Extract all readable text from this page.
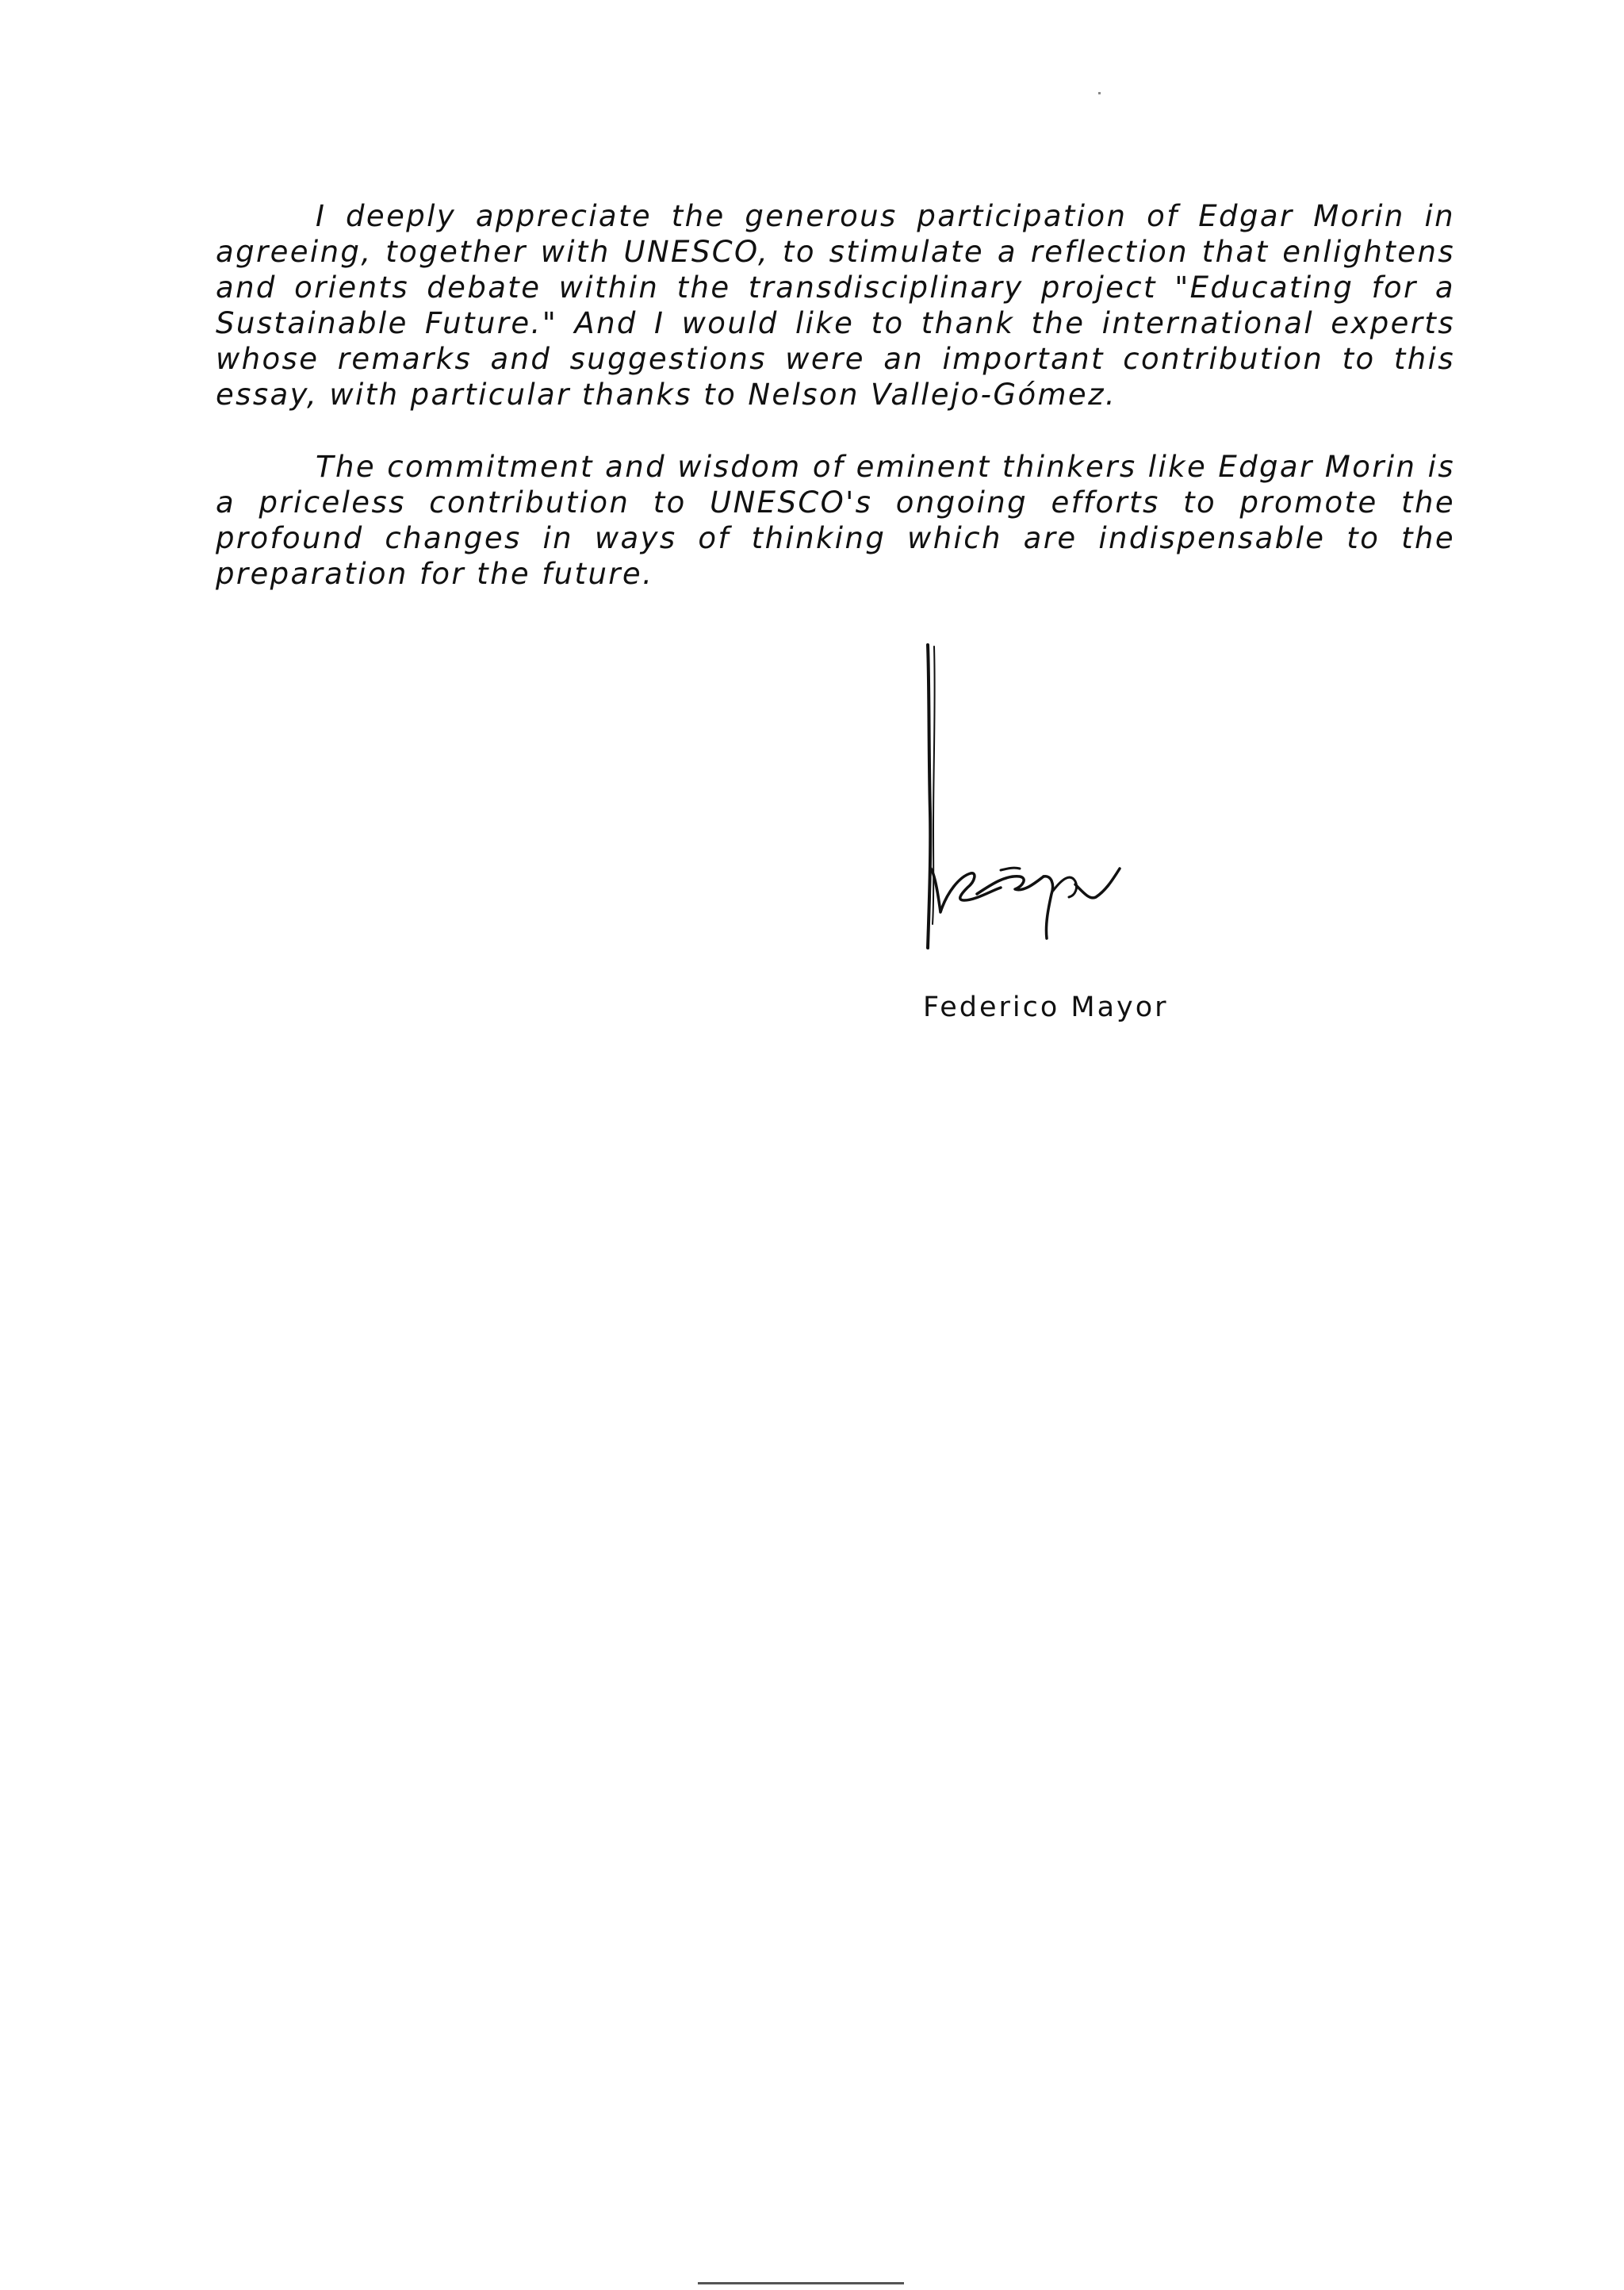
I deeply appreciate the generous participation of Edgar Morin in agreeing, together with UNESCO, to stimulate a reflection that enlightens and orients debate within the transdisciplinary project "Educating for a Sustainable Future." And I would like to thank the international experts whose remarks and suggestions were an important contribution to this essay, with particular thanks to Nelson Vallejo-Gómez.

The commitment and wisdom of eminent thinkers like Edgar Morin is a priceless contribution to UNESCO's ongoing efforts to promote the profound changes in ways of thinking which are indispensable to the preparation for the future.

Federico Mayor
